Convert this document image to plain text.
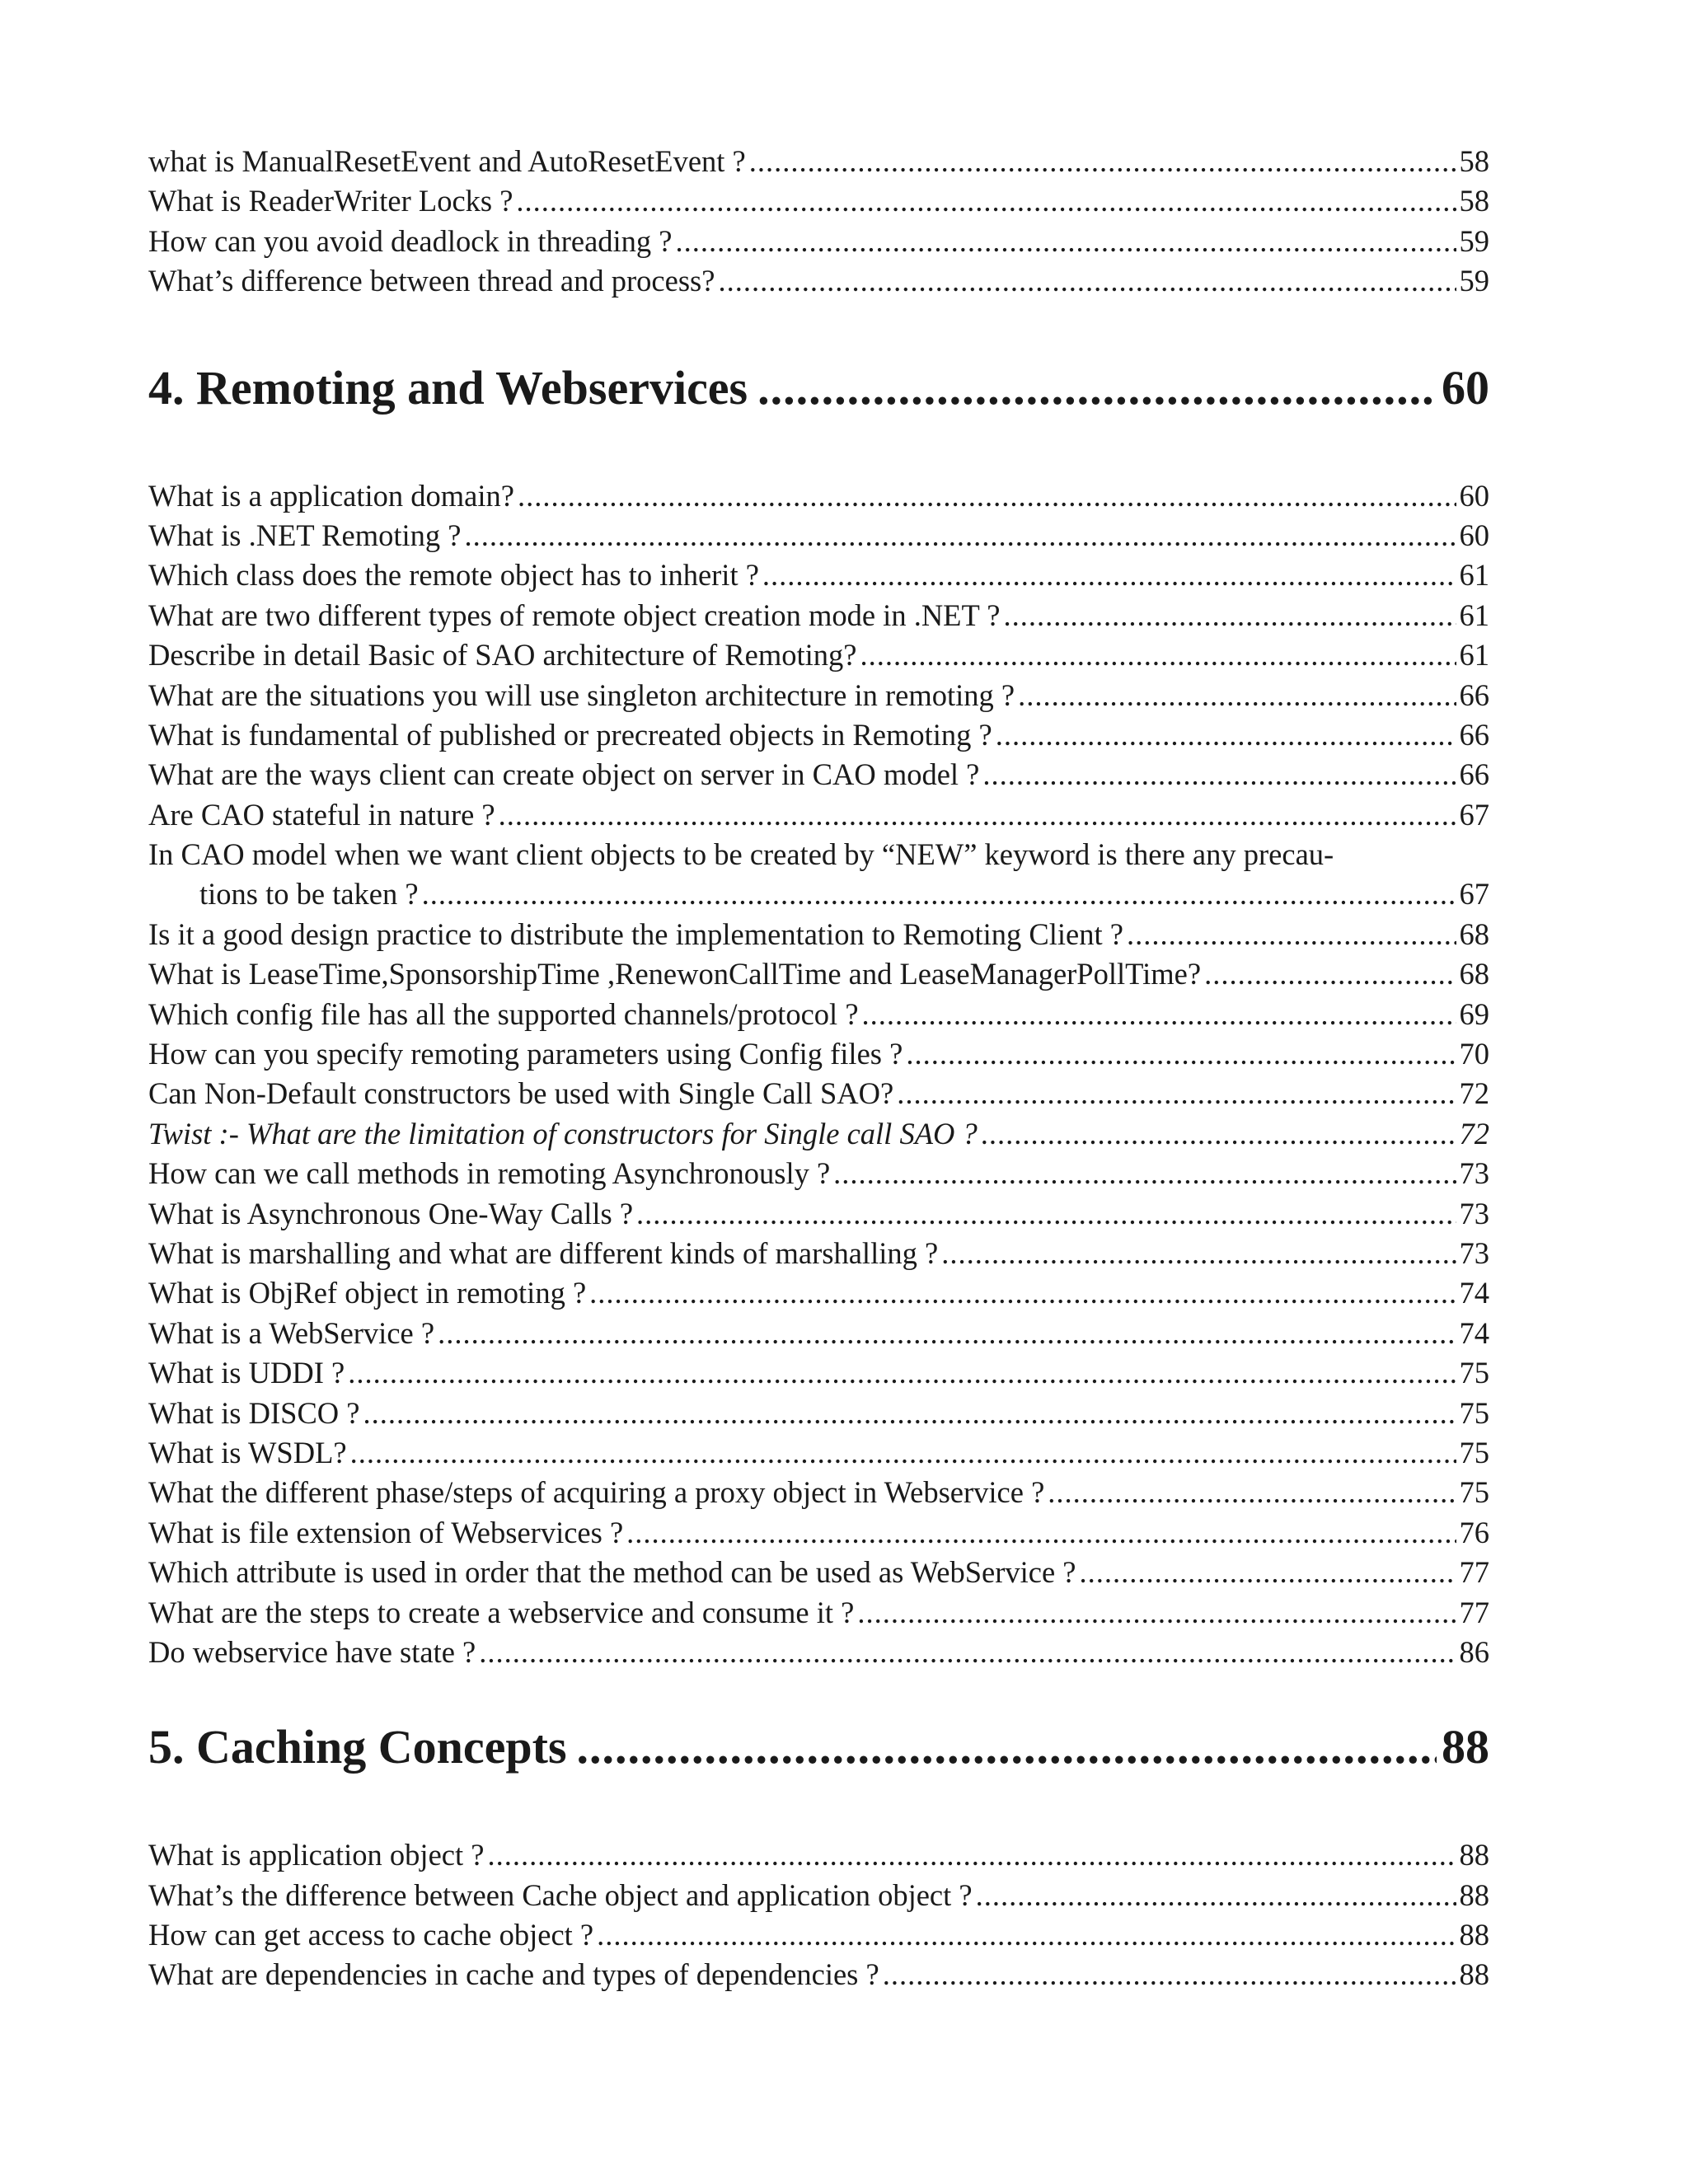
what is ManualResetEvent and AutoResetEvent ? .....	58
What is ReaderWriter Locks ? .....	58
How can you avoid deadlock in threading ? .....	59
What’s difference between thread and process? .....	59
4. Remoting and Webservices .....	60
What is a application domain? .....	60
What is .NET Remoting ? .....	60
Which class does the remote object has to inherit ? .....	61
What are two different types of remote object creation mode in .NET ? .....	61
Describe in detail Basic of SAO architecture of Remoting? .....	61
What are the situations you will use singleton architecture in remoting ? .....	66
What is fundamental of published or precreated objects in Remoting ? .....	66
What are the ways client can create object on server in CAO model ? .....	66
Are CAO stateful in nature ? .....	67
In CAO model when we want client objects to be created by “NEW” keyword is there any precau-
tions to be taken ? .....	67
Is it a good design practice to distribute the implementation to Remoting Client ? .....	68
What is LeaseTime,SponsorshipTime ,RenewonCallTime and LeaseManagerPollTime? .....	68
Which config file has all the supported channels/protocol ? .....	69
How can you specify remoting parameters using Config files ? .....	70
Can Non-Default constructors be used with Single Call SAO? .....	72
Twist :- What are the limitation of constructors for Single call SAO ? .....	72
How can we call methods in remoting Asynchronously ? .....	73
What is Asynchronous One-Way Calls ? .....	73
What is marshalling and what are different kinds of marshalling ? .....	73
What is ObjRef object in remoting ? .....	74
What is a WebService ? .....	74
What is UDDI ? .....	75
What is DISCO ? .....	75
What is WSDL? .....	75
What the different phase/steps of acquiring a proxy object in Webservice ? .....	75
What is file extension of Webservices ? .....	76
Which attribute is used in order that the method can be used as WebService ? .....	77
What are the steps to create a webservice and consume it ? .....	77
Do webservice have state ? .....	86
5. Caching Concepts .....	88
What is application object ? .....	88
What’s the difference between Cache object and application object ? .....	88
How can get access to cache object ? .....	88
What are dependencies in cache and types of dependencies ? .....	88
